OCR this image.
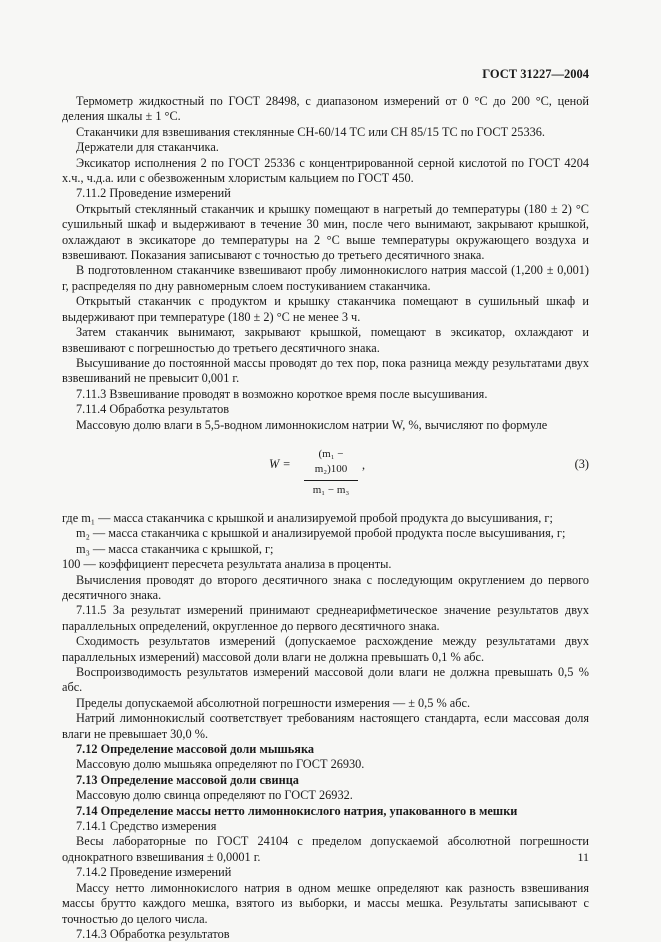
ГОСТ 31227—2004

Термометр жидкостный по ГОСТ 28498, с диапазоном измерений от 0 °С до 200 °С, ценой деления шкалы ± 1 °С.

Стаканчики для взвешивания стеклянные СН-60/14 ТС или СН 85/15 ТС по ГОСТ 25336.

Держатели для стаканчика.

Эксикатор исполнения 2 по ГОСТ 25336 с концентрированной серной кислотой по ГОСТ 4204 х.ч., ч.д.а. или с обезвоженным хлористым кальцием по ГОСТ 450.

7.11.2 Проведение измерений

Открытый стеклянный стаканчик и крышку помещают в нагретый до температуры (180 ± 2) °С сушильный шкаф и выдерживают в течение 30 мин, после чего вынимают, закрывают крышкой, охлаждают в эксикаторе до температуры на 2 °С выше температуры окружающего воздуха и взвешивают. Показания записывают с точностью до третьего десятичного знака.

В подготовленном стаканчике взвешивают пробу лимоннокислого натрия массой (1,200 ± 0,001) г, распределяя по дну равномерным слоем постукиванием стаканчика.

Открытый стаканчик с продуктом и крышку стаканчика помещают в сушильный шкаф и выдерживают при температуре (180 ± 2) °С не менее 3 ч.

Затем стаканчик вынимают, закрывают крышкой, помещают в эксикатор, охлаждают и взвешивают с погрешностью до третьего десятичного знака.

Высушивание до постоянной массы проводят до тех пор, пока разница между результатами двух взвешиваний не превысит 0,001 г.

7.11.3 Взвешивание проводят в возможно короткое время после высушивания.

7.11.4 Обработка результатов

Массовую долю влаги в 5,5-водном лимоннокислом натрии W, %, вычисляют по формуле

$W = \frac{\text{(m₁ − m₂)100}}{\text{m₁ − m₃}}$ ,	(3)

где m₁ — масса стаканчика с крышкой и анализируемой пробой продукта до высушивания, г;

m₂ — масса стаканчика с крышкой и анализируемой пробой продукта после высушивания, г;

m₃ — масса стаканчика с крышкой, г;

100 — коэффициент пересчета результата анализа в проценты.

Вычисления проводят до второго десятичного знака с последующим округлением до первого десятичного знака.

7.11.5 За результат измерений принимают среднеарифметическое значение результатов двух параллельных определений, округленное до первого десятичного знака.

Сходимость результатов измерений (допускаемое расхождение между результатами двух параллельных измерений) массовой доли влаги не должна превышать 0,1 % абс.

Воспроизводимость результатов измерений массовой доли влаги не должна превышать 0,5 % абс.

Пределы допускаемой абсолютной погрешности измерения — ± 0,5 % абс.

Натрий лимоннокислый соответствует требованиям настоящего стандарта, если массовая доля влаги не превышает 30,0 %.

7.12 Определение массовой доли мышьяка

Массовую долю мышьяка определяют по ГОСТ 26930.

7.13 Определение массовой доли свинца

Массовую долю свинца определяют по ГОСТ 26932.

7.14 Определение массы нетто лимоннокислого натрия, упакованного в мешки

7.14.1 Средство измерения

Весы лабораторные по ГОСТ 24104 с пределом допускаемой абсолютной погрешности однократного взвешивания ± 0,0001 г.

7.14.2 Проведение измерений

Массу нетто лимоннокислого натрия в одном мешке определяют как разность взвешивания массы брутто каждого мешка, взятого из выборки, и массы мешка. Результаты записывают с точностью до целого числа.

7.14.3 Обработка результатов

11
